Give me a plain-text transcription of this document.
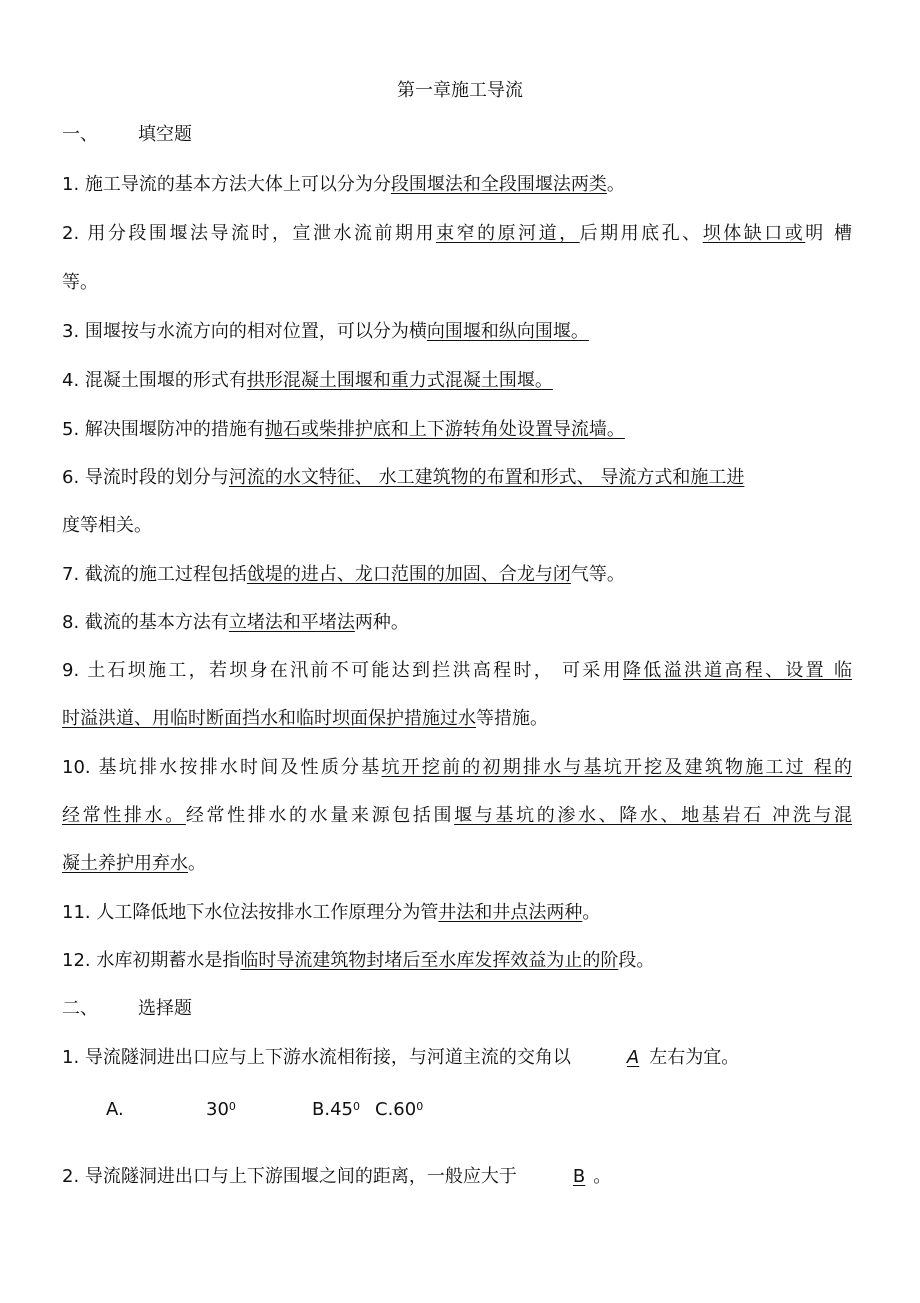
第一章施工导流
一、 填空题
1. 施工导流的基本方法大体上可以分为分段围堰法和全段围堰法两类。
2. 用分段围堰法导流时，宣泄水流前期用束窄的原河道，后期用底孔、坝体缺口或明 槽
等。
3. 围堰按与水流方向的相对位置，可以分为横向围堰和纵向围堰。
4. 混凝土围堰的形式有拱形混凝土围堰和重力式混凝土围堰。
5. 解决围堰防冲的措施有抛石或柴排护底和上下游转角处设置导流墙。
6. 导流时段的划分与河流的水文特征、 水工建筑物的布置和形式、 导流方式和施工进
度等相关。
7. 截流的施工过程包括戗堤的进占、龙口范围的加固、合龙与闭气等。
8. 截流的基本方法有立堵法和平堵法两种。
9. 土石坝施工，若坝身在汛前不可能达到拦洪高程时， 可采用降低溢洪道高程、设置 临
时溢洪道、用临时断面挡水和临时坝面保护措施过水等措施。
10. 基坑排水按排水时间及性质分基坑开挖前的初期排水与基坑开挖及建筑物施工过 程的
经常性排水。经常性排水的水量来源包括围堰与基坑的渗水、降水、地基岩石 冲洗与混
凝土养护用弃水。
11. 人工降低地下水位法按排水工作原理分为管井法和井点法两种。
12. 水库初期蓄水是指临时导流建筑物封堵后至水库发挥效益为止的阶段。
二、 选择题
1. 导流隧洞进出口应与上下游水流相衔接，与河道主流的交角以	A 左右为宜。
A.	$30^0$	$B.45^0$ $C.60^0$
2. 导流隧洞进出口与上下游围堰之间的距离，一般应大于	B 。
